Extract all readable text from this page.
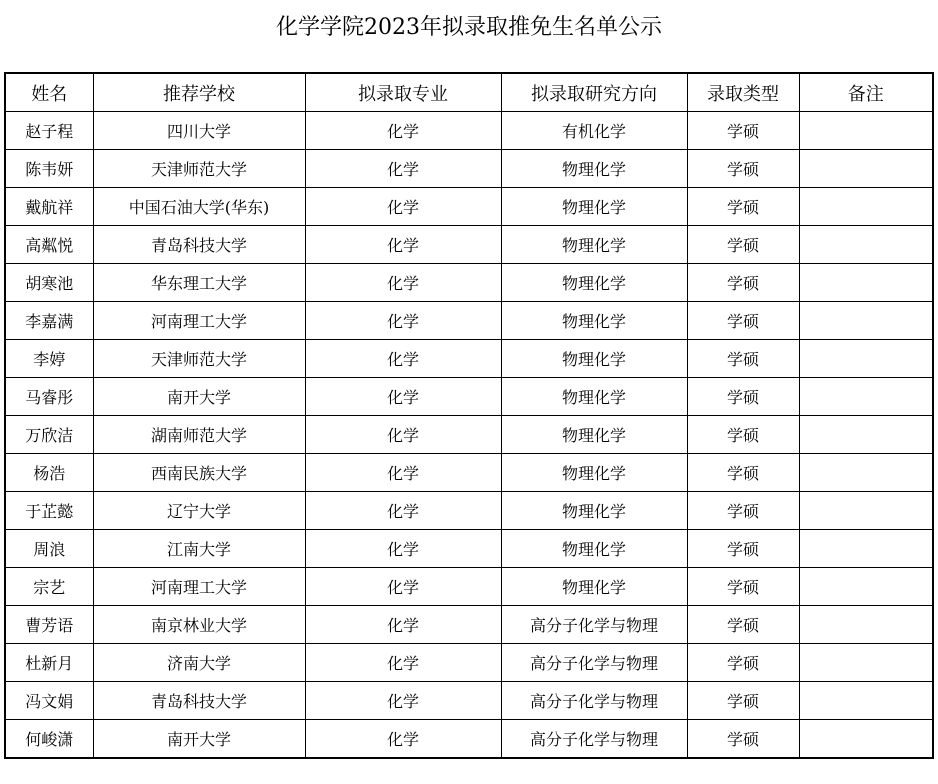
化学学院2023年拟录取推免生名单公示
姓名	推荐学校	拟录取专业	拟录取研究方向	录取类型	备注
赵子程	四川大学	化学	有机化学	学硕	
陈韦妍	天津师范大学	化学	物理化学	学硕	
戴航祥	中国石油大学(华东)	化学	物理化学	学硕	
高粼悦	青岛科技大学	化学	物理化学	学硕	
胡寒池	华东理工大学	化学	物理化学	学硕	
李嘉满	河南理工大学	化学	物理化学	学硕	
李婷	天津师范大学	化学	物理化学	学硕	
马睿彤	南开大学	化学	物理化学	学硕	
万欣洁	湖南师范大学	化学	物理化学	学硕	
杨浩	西南民族大学	化学	物理化学	学硕	
于芷懿	辽宁大学	化学	物理化学	学硕	
周浪	江南大学	化学	物理化学	学硕	
宗艺	河南理工大学	化学	物理化学	学硕	
曹芳语	南京林业大学	化学	高分子化学与物理	学硕	
杜新月	济南大学	化学	高分子化学与物理	学硕	
冯文娟	青岛科技大学	化学	高分子化学与物理	学硕	
何峻潇	南开大学	化学	高分子化学与物理	学硕	
